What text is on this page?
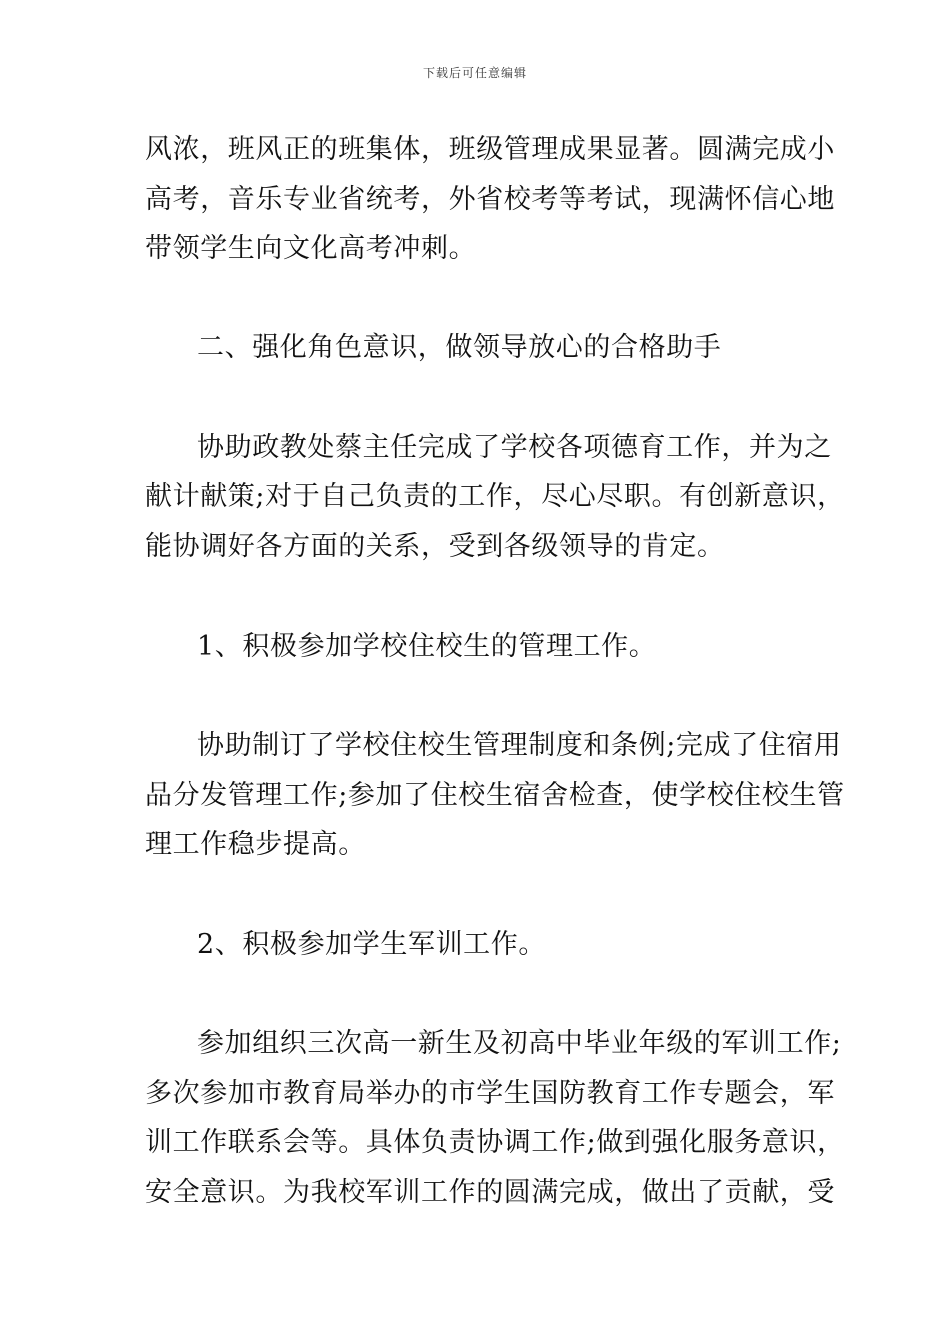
下载后可任意编辑
风浓，班风正的班集体，班级管理成果显著。圆满完成小
高考，音乐专业省统考，外省校考等考试，现满怀信心地
带领学生向文化高考冲刺。
二、强化角色意识，做领导放心的合格助手
协助政教处蔡主任完成了学校各项德育工作，并为之
献计献策;对于自己负责的工作，尽心尽职。有创新意识，
能协调好各方面的关系，受到各级领导的肯定。
1、积极参加学校住校生的管理工作。
协助制订了学校住校生管理制度和条例;完成了住宿用
品分发管理工作;参加了住校生宿舍检查，使学校住校生管
理工作稳步提高。
2、积极参加学生军训工作。
参加组织三次高一新生及初高中毕业年级的军训工作;
多次参加市教育局举办的市学生国防教育工作专题会，军
训工作联系会等。具体负责协调工作;做到强化服务意识，
安全意识。为我校军训工作的圆满完成，做出了贡献，受
